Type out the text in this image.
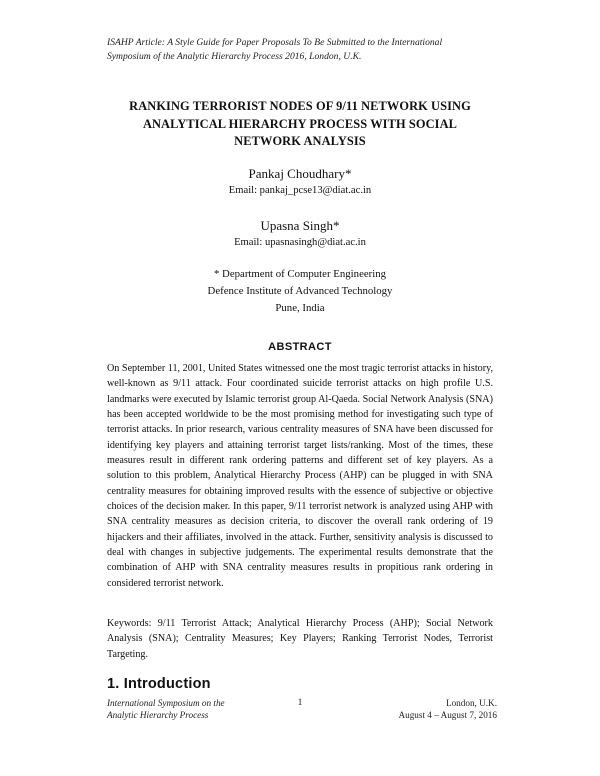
ISAHP Article: A Style Guide for Paper Proposals To Be Submitted to the International
Symposium of the Analytic Hierarchy Process 2016, London, U.K.
RANKING TERRORIST NODES OF 9/11 NETWORK USING
ANALYTICAL HIERARCHY PROCESS WITH SOCIAL
NETWORK ANALYSIS
Pankaj Choudhary*
Email: pankaj_pcse13@diat.ac.in
Upasna Singh*
Email: upasnasingh@diat.ac.in
* Department of Computer Engineering
Defence Institute of Advanced Technology
Pune, India
ABSTRACT
On September 11, 2001, United States witnessed one the most tragic terrorist attacks in history, well-known as 9/11 attack. Four coordinated suicide terrorist attacks on high profile U.S. landmarks were executed by Islamic terrorist group Al-Qaeda. Social Network Analysis (SNA) has been accepted worldwide to be the most promising method for investigating such type of terrorist attacks. In prior research, various centrality measures of SNA have been discussed for identifying key players and attaining terrorist target lists/ranking. Most of the times, these measures result in different rank ordering patterns and different set of key players. As a solution to this problem, Analytical Hierarchy Process (AHP) can be plugged in with SNA centrality measures for obtaining improved results with the essence of subjective or objective choices of the decision maker. In this paper, 9/11 terrorist network is analyzed using AHP with SNA centrality measures as decision criteria, to discover the overall rank ordering of 19 hijackers and their affiliates, involved in the attack. Further, sensitivity analysis is discussed to deal with changes in subjective judgements. The experimental results demonstrate that the combination of AHP with SNA centrality measures results in propitious rank ordering in considered terrorist network.
Keywords: 9/11 Terrorist Attack; Analytical Hierarchy Process (AHP); Social Network Analysis (SNA); Centrality Measures; Key Players; Ranking Terrorist Nodes, Terrorist Targeting.
1. Introduction
International Symposium on the
Analytic Hierarchy Process
1	London, U.K.
August 4 – August 7, 2016
